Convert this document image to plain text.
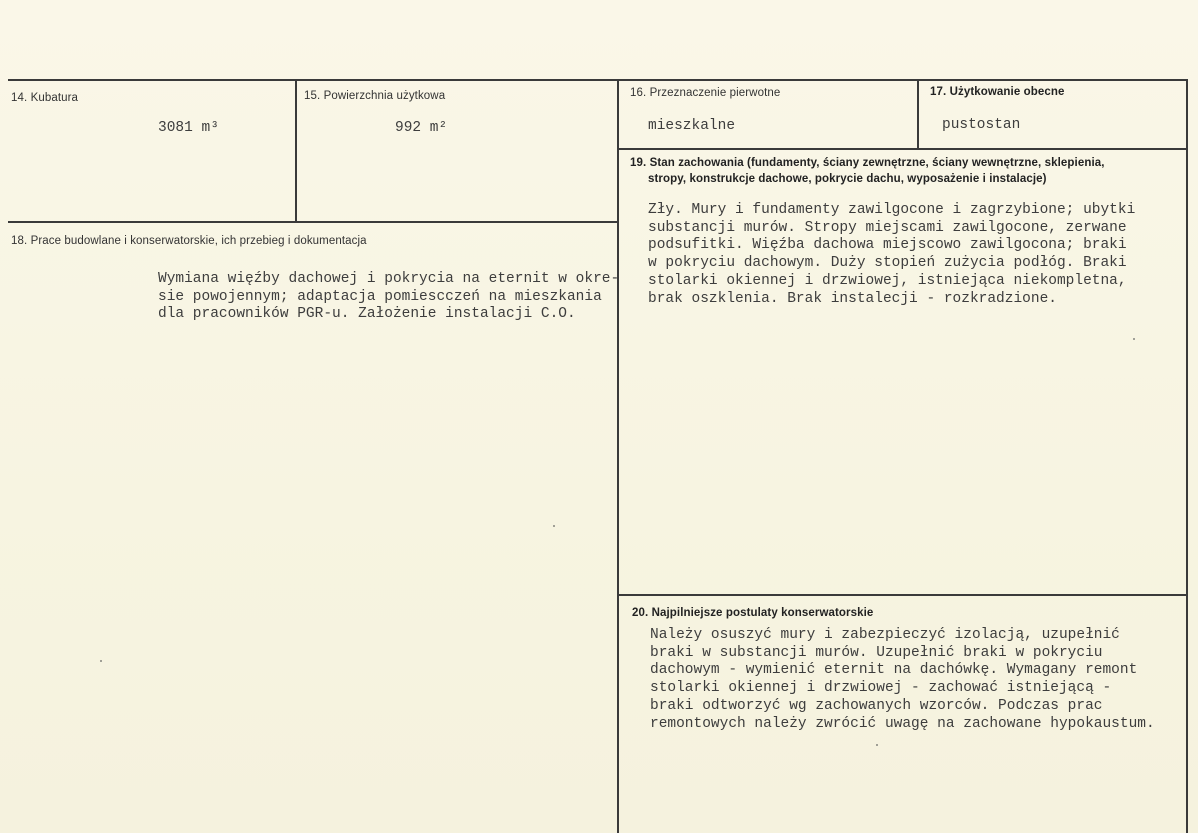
14. Kubatura
3081 m³
15. Powierzchnia użytkowa
992 m²
16. Przeznaczenie pierwotne
mieszkalne
17. Użytkowanie obecne
pustostan
18. Prace budowlane i konserwatorskie, ich przebieg i dokumentacja
Wymiana więźby dachowej i pokrycia na eternit w okre-
sie powojennym; adaptacja pomiescczeń na mieszkania
dla pracowników PGR-u. Założenie instalacji C.O.
19. Stan zachowania (fundamenty, ściany zewnętrzne, ściany wewnętrzne, sklepienia,
stropy, konstrukcje dachowe, pokrycie dachu, wyposażenie i instalacje)
Zły. Mury i fundamenty zawilgocone i zagrzybione; ubytki
substancji murów. Stropy miejscami zawilgocone, zerwane
podsufitki. Więźba dachowa miejscowo zawilgocona; braki
w pokryciu dachowym. Duży stopień zużycia podłóg. Braki
stolarki okiennej i drzwiowej, istniejąca niekompletna,
brak oszklenia. Brak instalecji - rozkradzione.
20. Najpilniejsze postulaty konserwatorskie
Należy osuszyć mury i zabezpieczyć izolacją, uzupełnić
braki w substancji murów. Uzupełnić braki w pokryciu
dachowym - wymienić eternit na dachówkę. Wymagany remont
stolarki okiennej i drzwiowej - zachować istniejącą -
braki odtworzyć wg zachowanych wzorców. Podczas prac
remontowych należy zwrócić uwagę na zachowane hypokaustum.
